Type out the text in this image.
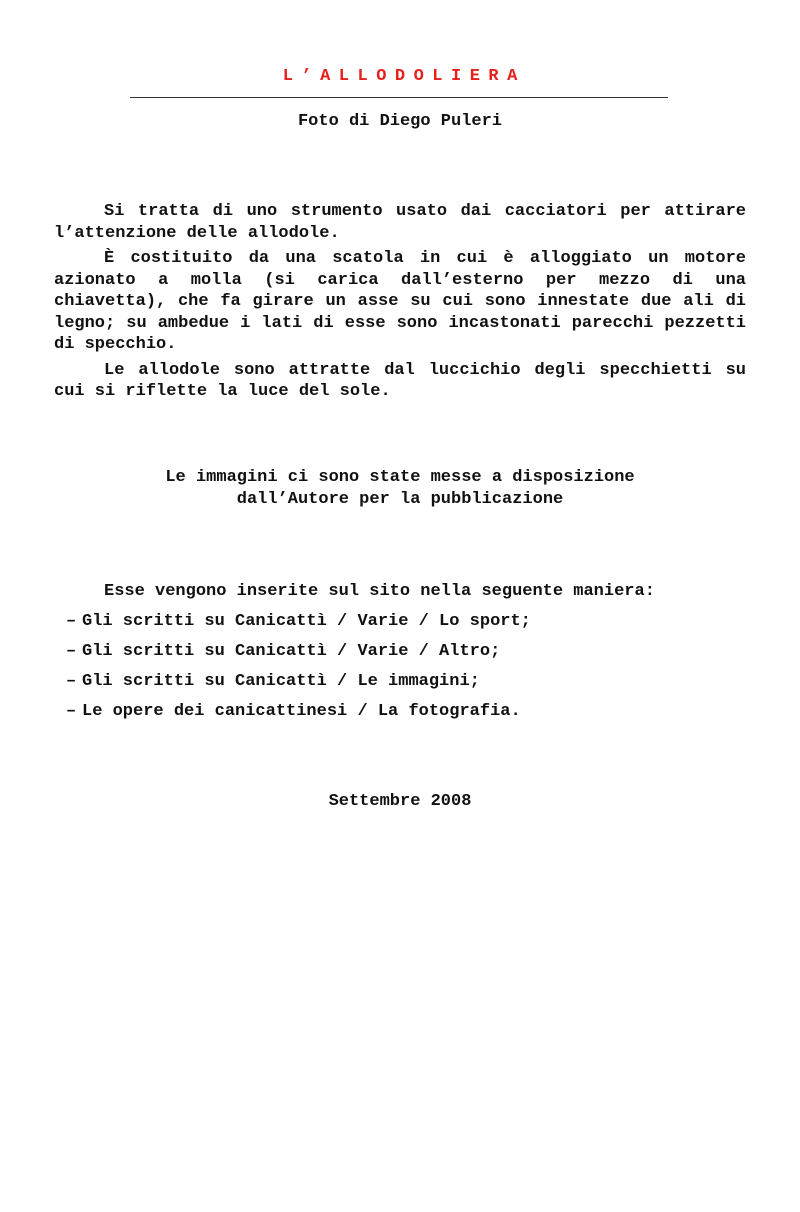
L’ALLODOLIERA
Foto di Diego Puleri

Si tratta di uno strumento usato dai cacciatori per attirare l’attenzione delle allodole.

È costituito da una scatola in cui è alloggiato un motore azionato a molla (si carica dall’esterno per mezzo di una chiavetta), che fa girare un asse su cui sono innestate due ali di legno; su ambedue i lati di esse sono incastonati parecchi pezzetti di specchio.

Le allodole sono attratte dal luccichio degli specchietti su cui si riflette la luce del sole.

Le immagini ci sono state messe a disposizione
dall’Autore per la pubblicazione
Esse vengono inserite sul sito nella seguente maniera:
– Gli scritti su Canicattì / Varie / Lo sport;
– Gli scritti su Canicattì / Varie / Altro;
– Gli scritti su Canicattì / Le immagini;
– Le opere dei canicattinesi / La fotografia.
Settembre 2008
